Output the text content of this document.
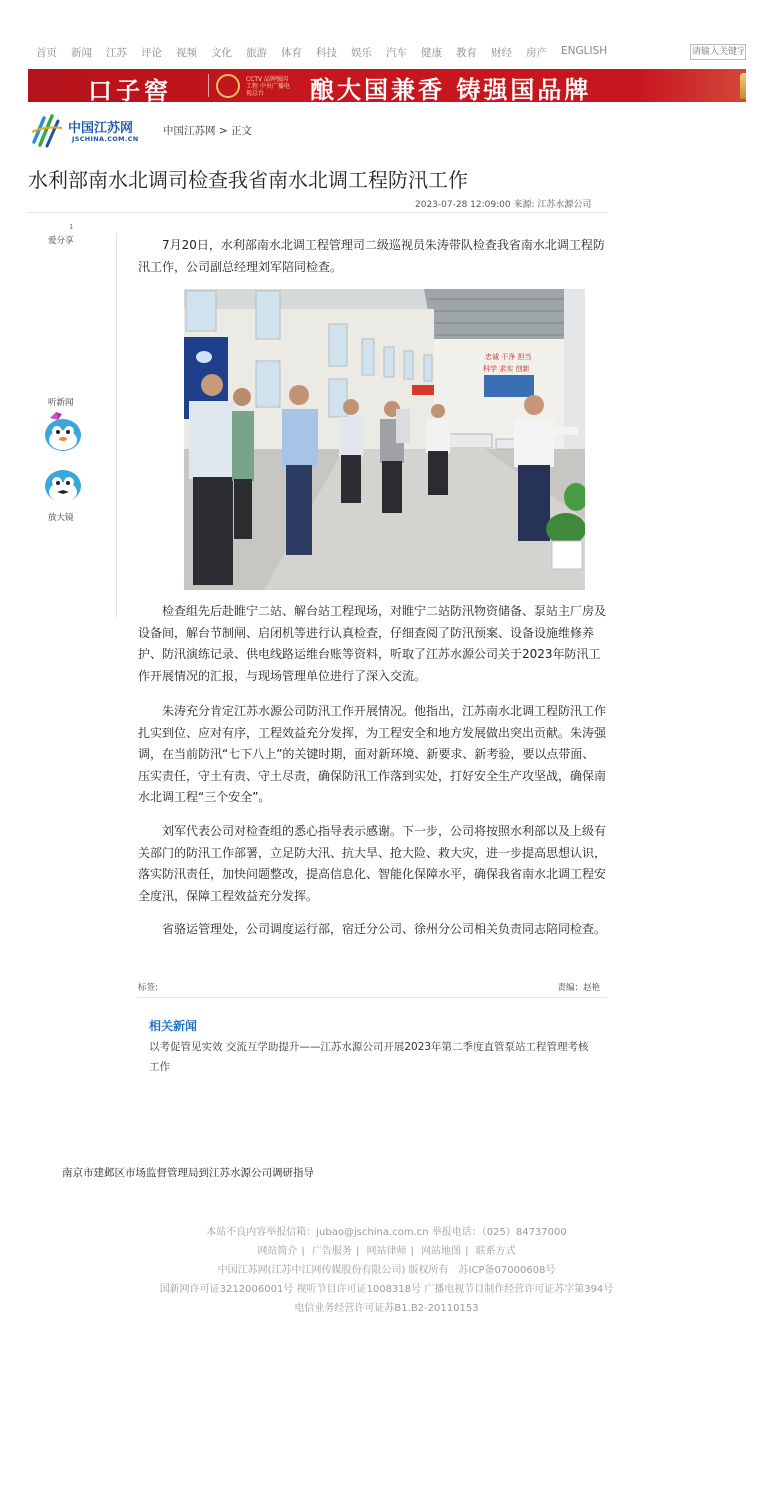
首页 新闻 江苏 评论 视频 文化 旅游 体育 科技 娱乐 汽车 健康 教育 财经 房产 ENGLISH
请输入关键字搜索
口子窖	CCTV 品牌强国工程 中央广播电视总台	酿大国兼香 铸强国品牌
中国江苏网
JSCHINA.COM.CN
中国江苏网 > 正文
水利部南水北调司检查我省南水北调工程防汛工作
2023-07-28 12:09:00 来源: 江苏水源公司
1
爱分享
听新闻
放大镜

7月20日，水利部南水北调工程管理司二级巡视员朱涛带队检查我省南水北调工程防汛工作，公司副总经理刘军陪同检查。

忠诚 干净 担当
科学 求实 创新

检查组先后赴睢宁二站、解台站工程现场，对睢宁二站防汛物资储备、泵站主厂房及设备间，解台节制闸、启闭机等进行认真检查，仔细查阅了防汛预案、设备设施维修养护、防汛演练记录、供电线路运维台账等资料，听取了江苏水源公司关于2023年防汛工作开展情况的汇报，与现场管理单位进行了深入交流。

朱涛充分肯定江苏水源公司防汛工作开展情况。他指出，江苏南水北调工程防汛工作扎实到位、应对有序，工程效益充分发挥，为工程安全和地方发展做出突出贡献。朱涛强调，在当前防汛“七下八上”的关键时期，面对新环境、新要求、新考验，要以点带面、压实责任，守土有责、守土尽责，确保防汛工作落到实处，打好安全生产攻坚战，确保南水北调工程“三个安全”。

刘军代表公司对检查组的悉心指导表示感谢。下一步，公司将按照水利部以及上级有关部门的防汛工作部署，立足防大汛、抗大旱、抢大险、救大灾，进一步提高思想认识，落实防汛责任，加快问题整改，提高信息化、智能化保障水平，确保我省南水北调工程安全度汛，保障工程效益充分发挥。

省骆运管理处，公司调度运行部，宿迁分公司、徐州分公司相关负责同志陪同检查。

标签:	责编：赵艳
相关新闻
以考促管见实效 交流互学助提升——江苏水源公司开展2023年第二季度直管泵站工程管理考核工作
南京市建邺区市场监督管理局到江苏水源公司调研指导
本站不良内容举报信箱：jubao@jschina.com.cn 举报电话：（025）84737000
网站简介 | 广告服务 | 网站律师 | 网站地图 | 联系方式
中国江苏网(江苏中江网传媒股份有限公司) 版权所有　苏ICP备07000608号
国新网许可证3212006001号 视听节目许可证1008318号 广播电视节目制作经营许可证苏字第394号
电信业务经营许可证苏B1.B2-20110153
